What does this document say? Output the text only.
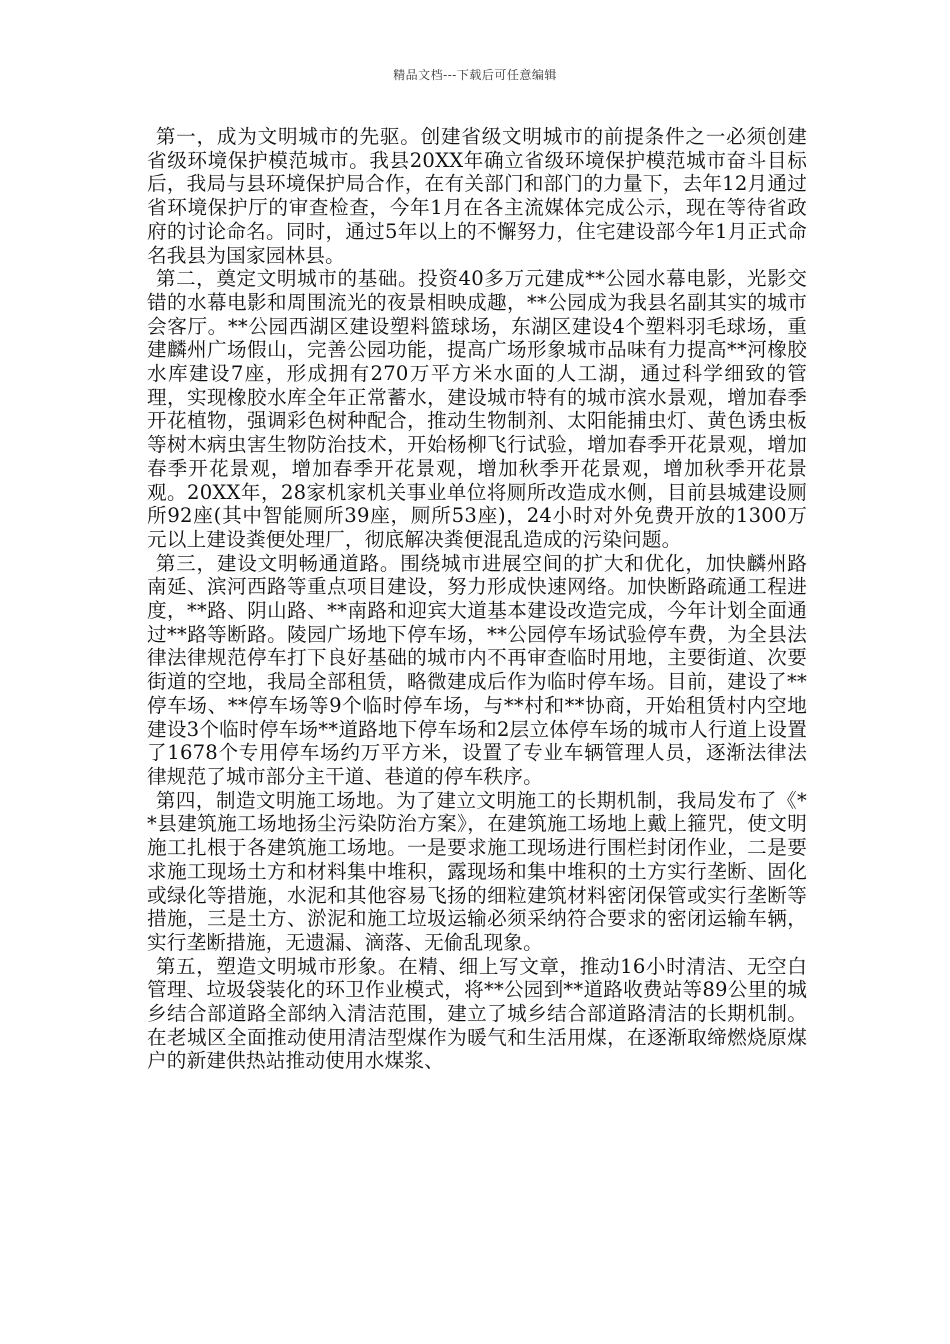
精品文档---下载后可任意编辑

第一，成为文明城市的先驱。创建省级文明城市的前提条件之一必须创建省级环境保护模范城市。我县20XX年确立省级环境保护模范城市奋斗目标后，我局与县环境保护局合作，在有关部门和部门的力量下，去年12月通过省环境保护厅的审查检查，今年1月在各主流媒体完成公示，现在等待省政府的讨论命名。同时，通过5年以上的不懈努力，住宅建设部今年1月正式命名我县为国家园林县。

第二，奠定文明城市的基础。投资40多万元建成**公园水幕电影，光影交错的水幕电影和周围流光的夜景相映成趣，**公园成为我县名副其实的城市会客厅。**公园西湖区建设塑料篮球场，东湖区建设4个塑料羽毛球场，重建麟州广场假山，完善公园功能，提高广场形象城市品味有力提高**河橡胶水库建设7座，形成拥有270万平方米水面的人工湖，通过科学细致的管理，实现橡胶水库全年正常蓄水，建设城市特有的城市滨水景观，增加春季开花植物，强调彩色树种配合，推动生物制剂、太阳能捕虫灯、黄色诱虫板等树木病虫害生物防治技术，开始杨柳飞行试验，增加春季开花景观，增加春季开花景观，增加春季开花景观，增加秋季开花景观，增加秋季开花景观。20XX年，28家机家机关事业单位将厕所改造成水侧，目前县城建设厕所92座(其中智能厕所39座，厕所53座)，24小时对外免费开放的1300万元以上建设粪便处理厂，彻底解决粪便混乱造成的污染问题。

第三，建设文明畅通道路。围绕城市进展空间的扩大和优化，加快麟州路南延、滨河西路等重点项目建设，努力形成快速网络。加快断路疏通工程进度，**路、阴山路、**南路和迎宾大道基本建设改造完成，今年计划全面通过**路等断路。陵园广场地下停车场，**公园停车场试验停车费，为全县法律法律规范停车打下良好基础的城市内不再审查临时用地，主要街道、次要街道的空地，我局全部租赁，略微建成后作为临时停车场。目前，建设了**停车场、**停车场等9个临时停车场，与**村和**协商，开始租赁村内空地建设3个临时停车场**道路地下停车场和2层立体停车场的城市人行道上设置了1678个专用停车场约万平方米，设置了专业车辆管理人员，逐渐法律法律规范了城市部分主干道、巷道的停车秩序。

第四，制造文明施工场地。为了建立文明施工的长期机制，我局发布了《**县建筑施工场地扬尘污染防治方案》，在建筑施工场地上戴上箍咒，使文明施工扎根于各建筑施工场地。一是要求施工现场进行围栏封闭作业，二是要求施工现场土方和材料集中堆积，露现场和集中堆积的土方实行垄断、固化或绿化等措施，水泥和其他容易飞扬的细粒建筑材料密闭保管或实行垄断等措施，三是土方、淤泥和施工垃圾运输必须采纳符合要求的密闭运输车辆，实行垄断措施，无遗漏、滴落、无偷乱现象。

第五，塑造文明城市形象。在精、细上写文章，推动16小时清洁、无空白管理、垃圾袋装化的环卫作业模式，将**公园到**道路收费站等89公里的城乡结合部道路全部纳入清洁范围，建立了城乡结合部道路清洁的长期机制。在老城区全面推动使用清洁型煤作为暖气和生活用煤，在逐渐取缔燃烧原煤户的新建供热站推动使用水煤浆、
